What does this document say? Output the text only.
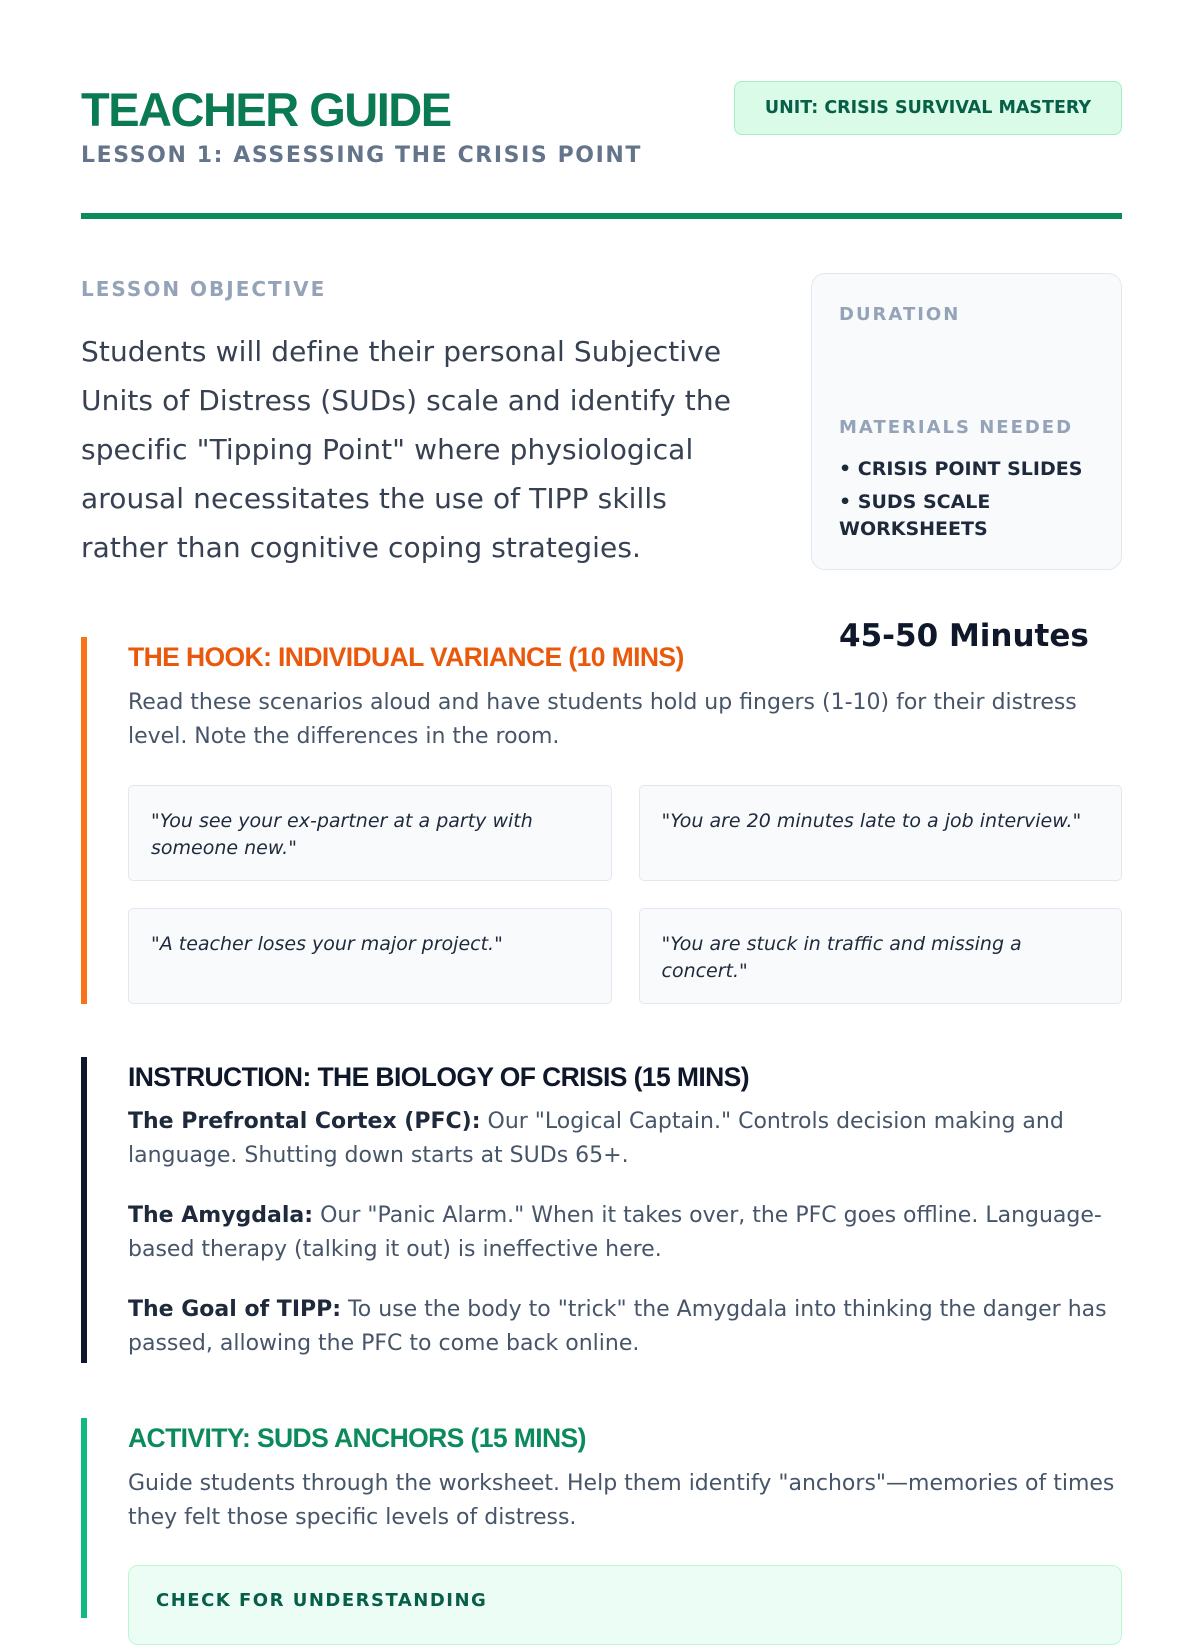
TEACHER GUIDE
LESSON 1: ASSESSING THE CRISIS POINT
UNIT: CRISIS SURVIVAL MASTERY
LESSON OBJECTIVE
Students will define their personal Subjective Units of Distress (SUDs) scale and identify the specific "Tipping Point" where physiological arousal necessitates the use of TIPP skills rather than cognitive coping strategies.
DURATION
45-50 Minutes
MATERIALS NEEDED
• CRISIS POINT SLIDES
• SUDS SCALE WORKSHEETS
THE HOOK: INDIVIDUAL VARIANCE (10 MINS)

Read these scenarios aloud and have students hold up fingers (1-10) for their distress level. Note the differences in the room.

"You see your ex-partner at a party with someone new."
"You are 20 minutes late to a job interview."
"A teacher loses your major project."	"You are stuck in traffic and missing a concert."
INSTRUCTION: THE BIOLOGY OF CRISIS (15 MINS)

The Prefrontal Cortex (PFC): Our "Logical Captain." Controls decision making and language. Shutting down starts at SUDs 65+.

The Amygdala: Our "Panic Alarm." When it takes over, the PFC goes offline. Language-based therapy (talking it out) is ineffective here.

The Goal of TIPP: To use the body to "trick" the Amygdala into thinking the danger has passed, allowing the PFC to come back online.

ACTIVITY: SUDS ANCHORS (15 MINS)

Guide students through the worksheet. Help them identify "anchors"—memories of times they felt those specific levels of distress.

CHECK FOR UNDERSTANDING
